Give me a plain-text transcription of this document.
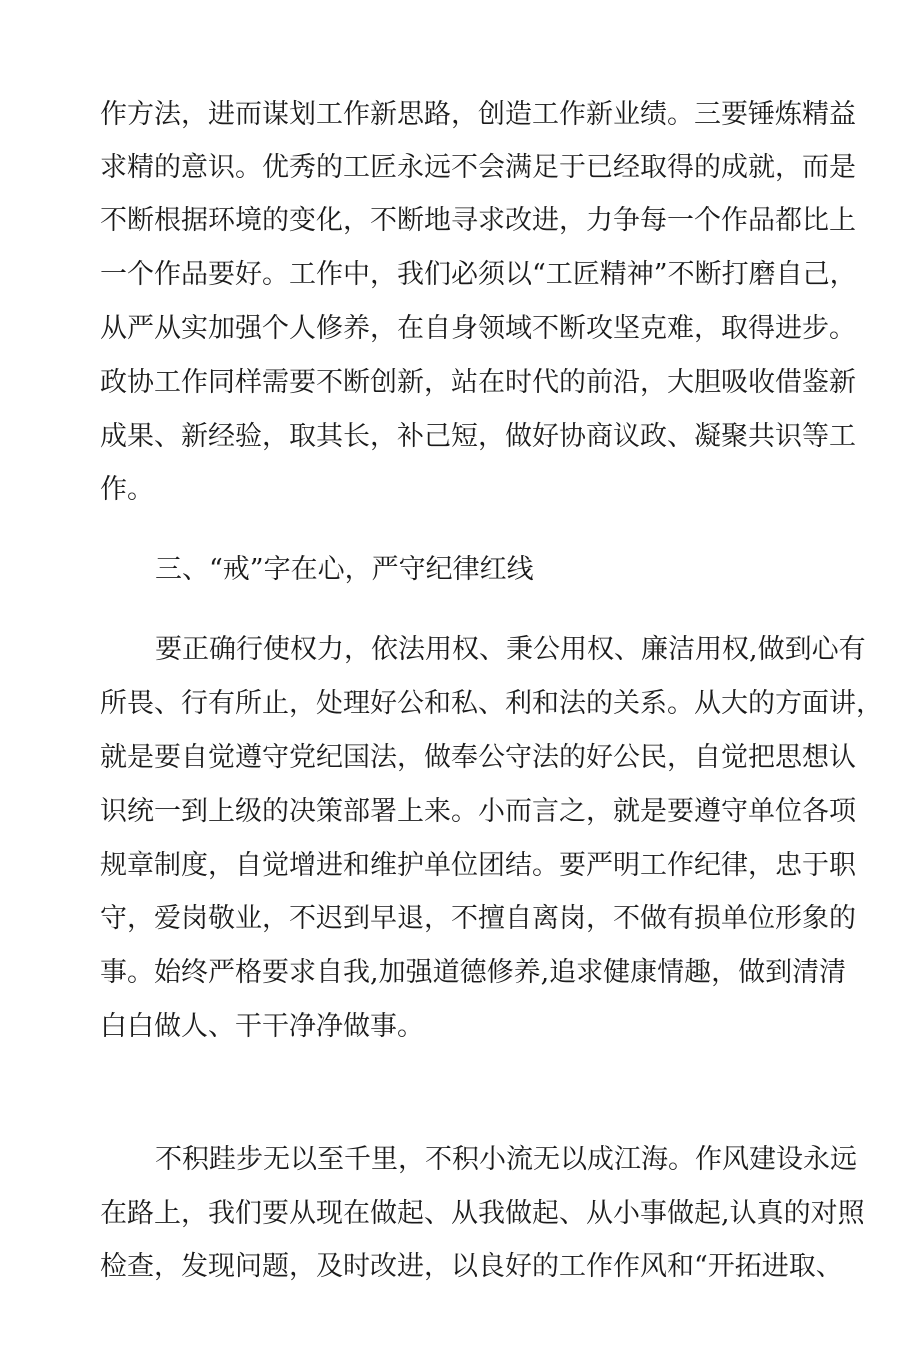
作方法，进而谋划工作新思路，创造工作新业绩。三要锤炼精益
求精的意识。优秀的工匠永远不会满足于已经取得的成就，而是
不断根据环境的变化，不断地寻求改进，力争每一个作品都比上
一个作品要好。工作中，我们必须以“工匠精神”不断打磨自己，
从严从实加强个人修养，在自身领域不断攻坚克难，取得进步。
政协工作同样需要不断创新，站在时代的前沿，大胆吸收借鉴新
成果、新经验，取其长，补己短，做好协商议政、凝聚共识等工
作。
三、“戒”字在心，严守纪律红线
要正确行使权力，依法用权、秉公用权、廉洁用权,做到心有
所畏、行有所止，处理好公和私、利和法的关系。从大的方面讲，
就是要自觉遵守党纪国法，做奉公守法的好公民，自觉把思想认
识统一到上级的决策部署上来。小而言之，就是要遵守单位各项
规章制度，自觉增进和维护单位团结。要严明工作纪律，忠于职
守，爱岗敬业，不迟到早退，不擅自离岗，不做有损单位形象的
事。始终严格要求自我,加强道德修养,追求健康情趣，做到清清
白白做人、干干净净做事。
不积跬步无以至千里，不积小流无以成江海。作风建设永远
在路上，我们要从现在做起、从我做起、从小事做起,认真的对照
检查，发现问题，及时改进，以良好的工作作风和“开拓进取、
